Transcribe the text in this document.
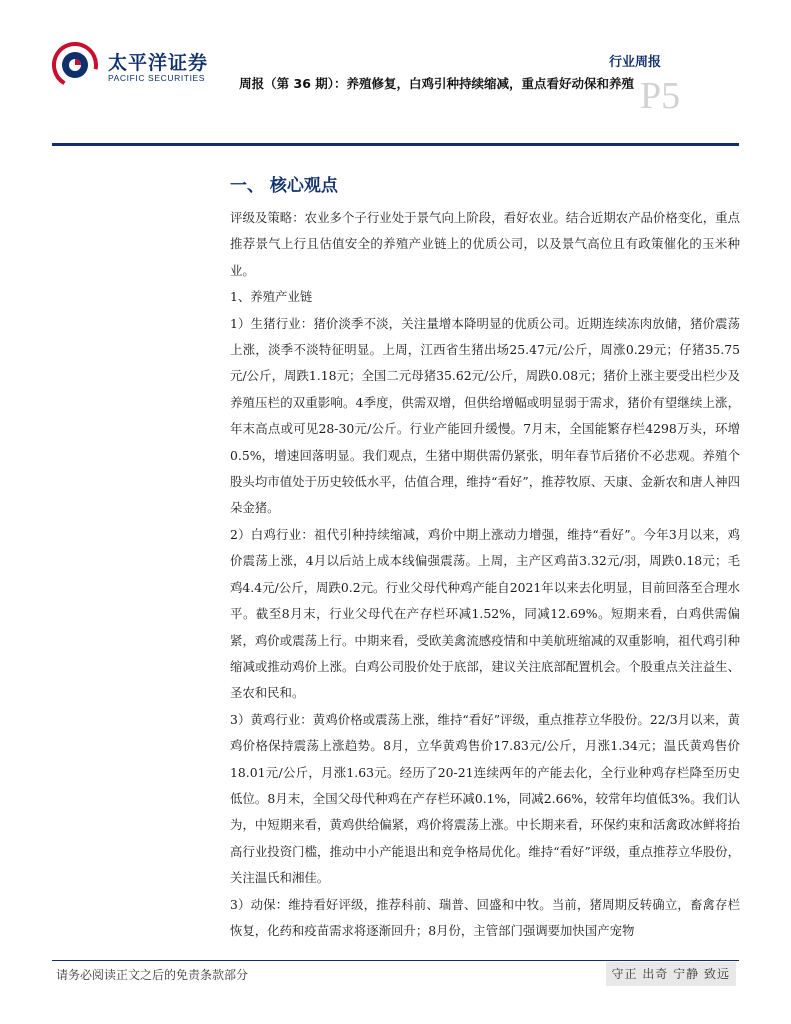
太平洋证券
PACIFIC SECURITIES
行业周报
周报（第 36 期）：养殖修复，白鸡引种持续缩减，重点看好动保和养殖 P5
一、 核心观点

评级及策略：农业多个子行业处于景气向上阶段，看好农业。结合近期农产品价格变化，重点推荐景气上行且估值安全的养殖产业链上的优质公司，以及景气高位且有政策催化的玉米种业。

1、养殖产业链

1）生猪行业：猪价淡季不淡，关注量增本降明显的优质公司。近期连续冻肉放储，猪价震荡上涨，淡季不淡特征明显。上周，江西省生猪出场25.47元/公斤，周涨0.29元；仔猪35.75元/公斤，周跌1.18元；全国二元母猪35.62元/公斤，周跌0.08元；猪价上涨主要受出栏少及养殖压栏的双重影响。4季度，供需双增，但供给增幅或明显弱于需求，猪价有望继续上涨，年末高点或可见28-30元/公斤。行业产能回升缓慢。7月末，全国能繁存栏4298万头，环增0.5%，增速回落明显。我们观点，生猪中期供需仍紧张，明年春节后猪价不必悲观。养殖个股头均市值处于历史较低水平，估值合理，维持“看好”，推荐牧原、天康、金新农和唐人神四朵金猪。

2）白鸡行业：祖代引种持续缩减，鸡价中期上涨动力增强，维持“看好”。今年3月以来，鸡价震荡上涨，4月以后站上成本线偏强震荡。上周，主产区鸡苗3.32元/羽，周跌0.18元；毛鸡4.4元/公斤，周跌0.2元。行业父母代种鸡产能自2021年以来去化明显，目前回落至合理水平。截至8月末，行业父母代在产存栏环减1.52%，同减12.69%。短期来看，白鸡供需偏紧，鸡价或震荡上行。中期来看，受欧美禽流感疫情和中美航班缩减的双重影响，祖代鸡引种缩减或推动鸡价上涨。白鸡公司股价处于底部，建议关注底部配置机会。个股重点关注益生、圣农和民和。

3）黄鸡行业：黄鸡价格或震荡上涨，维持“看好”评级，重点推荐立华股份。22/3月以来，黄鸡价格保持震荡上涨趋势。8月，立华黄鸡售价17.83元/公斤，月涨1.34元；温氏黄鸡售价18.01元/公斤，月涨1.63元。经历了20-21连续两年的产能去化，全行业种鸡存栏降至历史低位。8月末，全国父母代种鸡在产存栏环减0.1%，同减2.66%，较常年均值低3%。我们认为，中短期来看，黄鸡供给偏紧，鸡价将震荡上涨。中长期来看，环保约束和活禽政冰鲜将抬高行业投资门槛，推动中小产能退出和竞争格局优化。维持“看好”评级，重点推荐立华股份，关注温氏和湘佳。

3）动保：维持看好评级，推荐科前、瑞普、回盛和中牧。当前，猪周期反转确立，畜禽存栏恢复，化药和疫苗需求将逐渐回升；8月份，主管部门强调要加快国产宠物

请务必阅读正文之后的免责条款部分	守正 出奇 宁静 致远
